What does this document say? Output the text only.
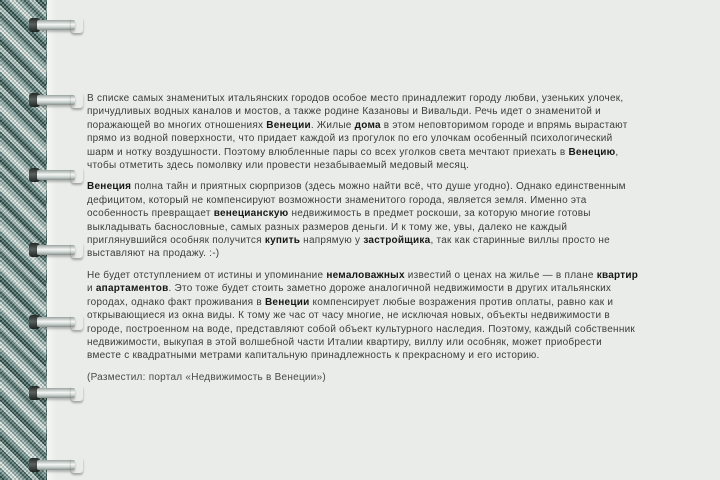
В списке самых знаменитых итальянских городов особое место принадлежит городу любви, узеньких улочек, причудливых водных каналов и мостов, а также родине Казановы и Вивальди. Речь идет о знаменитой и поражающей во многих отношениях Венеции. Жилые дома в этом неповторимом городе и впрямь вырастают прямо из водной поверхности, что придает каждой из прогулок по его улочкам особенный психологический шарм и нотку воздушности. Поэтому влюбленные пары со всех уголков света мечтают приехать в Венецию, чтобы отметить здесь помолвку или провести незабываемый медовый месяц.

Венеция полна тайн и приятных сюрпризов (здесь можно найти всё, что душе угодно). Однако единственным дефицитом, который не компенсируют возможности знаменитого города, является земля. Именно эта особенность превращает венецианскую недвижимость в предмет роскоши, за которую многие готовы выкладывать баснословные, самых разных размеров деньги. И к тому же, увы, далеко не каждый приглянувшийся особняк получится купить напрямую у застройщика, так как старинные виллы просто не выставляют на продажу. :-)

Не будет отступлением от истины и упоминание немаловажных известий о ценах на жилье — в плане квартир и апартаментов. Это тоже будет стоить заметно дороже аналогичной недвижимости в других итальянских городах, однако факт проживания в Венеции компенсирует любые возражения против оплаты, равно как и открывающиеся из окна виды. К тому же час от часу многие, не исключая новых, объекты недвижимости в городе, построенном на воде, представляют собой объект культурного наследия. Поэтому, каждый собственник недвижимости, выкупая в этой волшебной части Италии квартиру, виллу или особняк, может приобрести вместе с квадратными метрами капитальную принадлежность к прекрасному и его историю.

(Разместил: портал «Недвижимость в Венеции»)
